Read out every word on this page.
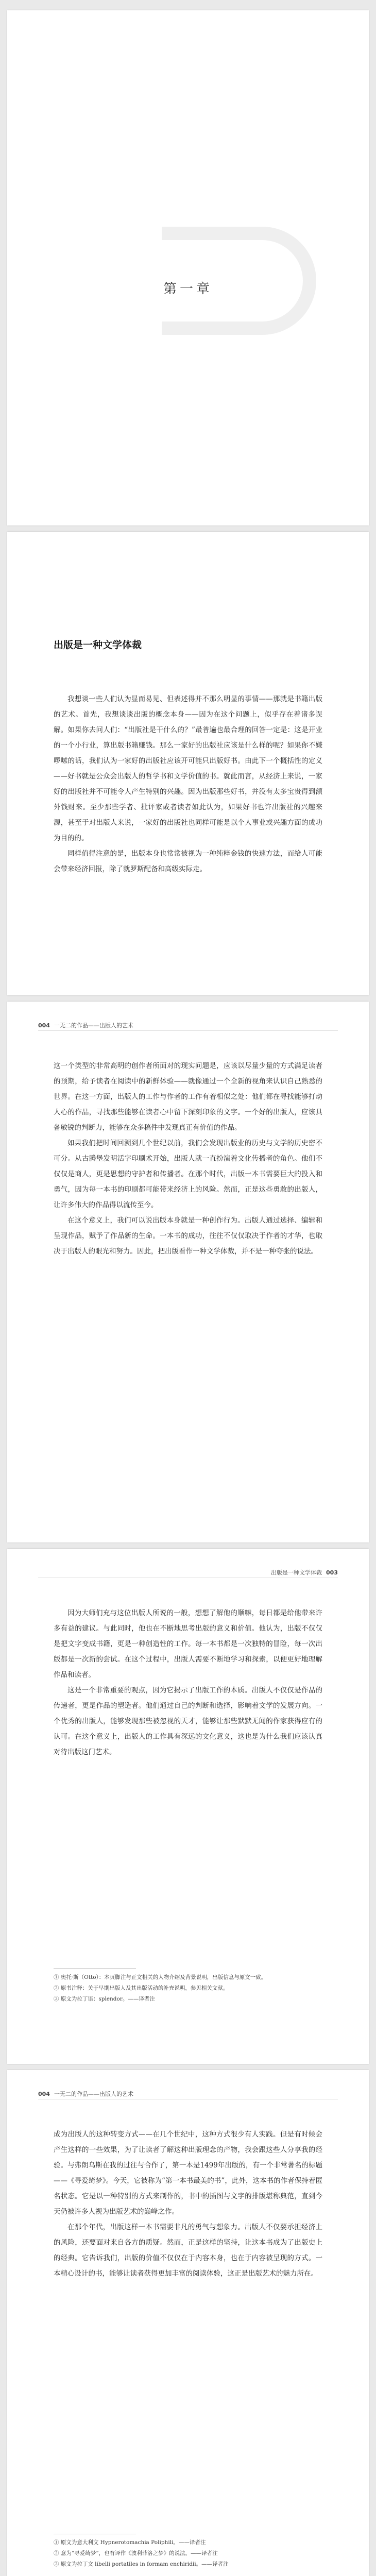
第一章
出版是一种文学体裁

我想谈一些人们认为显而易见、但表述得并不那么明显的事情——那就是书籍出版的艺术。首先，我想谈谈出版的概念本身——因为在这个问题上，似乎存在着诸多误解。如果你去问人们：“出版社是干什么的？”最普遍也最合理的回答一定是：这是开业的一个小行业，算出版书籍赚钱。那么一家好的出版社应该是什么样的呢？如果你不嫌啰嗦的话，我们认为一家好的出版社应该开可能只出版好书。由此下一个概括性的定义——好书就是公众会出版人的哲学书和文学价值的书。就此而言，从经济上来说，一家好的出版社并不可能令人产生特别的兴趣。因为出版那些好书，并没有太多宝贵得到额外钱财来。至少那些学者、批评家或者读者如此认为，如果好书也许出版社的兴趣来源，甚至于对出版人来说，一家好的出版社也同样可能是以个人事业或兴趣方面的成功为目的的。

同样值得注意的是，出版本身也常常被视为一种纯粹金钱的快速方法，而给人可能会带来经济回报，除了就罗斯配备和高级实际走。

004 一无二的作品——出版人的艺术

这一个类型的非常高明的创作者所面对的现实问题是，应该以尽量少量的方式满足读者的预期，给予读者在阅读中的新鲜体验——就像通过一个全新的视角来认识自己熟悉的世界。在这一方面，出版人的工作与作者的工作有着相似之处：他们都在寻找能够打动人心的作品，寻找那些能够在读者心中留下深刻印象的文字。一个好的出版人，应该具备敏锐的判断力，能够在众多稿件中发现真正有价值的作品。

如果我们把时间回溯到几个世纪以前，我们会发现出版业的历史与文学的历史密不可分。从古腾堡发明活字印刷术开始，出版人就一直扮演着文化传播者的角色。他们不仅仅是商人，更是思想的守护者和传播者。在那个时代，出版一本书需要巨大的投入和勇气，因为每一本书的印刷都可能带来经济上的风险。然而，正是这些勇敢的出版人，让许多伟大的作品得以流传至今。

在这个意义上，我们可以说出版本身就是一种创作行为。出版人通过选择、编辑和呈现作品，赋予了作品新的生命。一本书的成功，往往不仅仅取决于作者的才华，也取决于出版人的眼光和努力。因此，把出版看作一种文学体裁，并不是一种夸张的说法。

出版是一种文学体裁 003

因为大师们充与这位出版人所说的一般，想想了解他的顺嘛，每日都是给他带来许多有益的建议。与此同时，他也在不断地思考出版的意义和价值。他认为，出版不仅仅是把文字变成书籍，更是一种创造性的工作。每一本书都是一次独特的冒险，每一次出版都是一次新的尝试。在这个过程中，出版人需要不断地学习和探索，以便更好地理解作品和读者。

这是一个非常重要的观点，因为它揭示了出版工作的本质。出版人不仅仅是作品的传递者，更是作品的塑造者。他们通过自己的判断和选择，影响着文学的发展方向。一个优秀的出版人，能够发现那些被忽视的天才，能够让那些默默无闻的作家获得应有的认可。在这个意义上，出版人的工作具有深远的文化意义，这也是为什么我们应该认真对待出版这门艺术。

① 奥托·斯（Otto）：本页脚注与正文相关的人物介绍及背景说明，出版信息与原文一致。

② 原书注释：关于早期出版人及其出版活动的补充说明，参见相关文献。

③ 原文为拉丁语：splendor。——译者注

004 一无二的作品——出版人的艺术

成为出版人的这种转变方式——在几个世纪中，这种方式很少有人实践。但是有时候会产生这样的一些效果，为了让读者了解这种出版理念的产物，我会跟这些人分享我的经验。与弗朗乌斯在我的过往与合作了，第一本是1499年出版的，有一个非常著名的标题——《寻爱绮梦》。今天，它被称为“第一本书最美的书”，此外，这本书的作者保持着匿名状态。它是以一种特别的方式来制作的，书中的插图与文字的排版堪称典范，直到今天仍被许多人视为出版艺术的巅峰之作。

在那个年代，出版这样一本书需要非凡的勇气与想象力。出版人不仅要承担经济上的风险，还要面对来自各方的质疑。然而，正是这样的坚持，让这本书成为了出版史上的经典。它告诉我们，出版的价值不仅仅在于内容本身，也在于内容被呈现的方式。一本精心设计的书，能够让读者获得更加丰富的阅读体验，这正是出版艺术的魅力所在。

① 原文为意大利文 Hypnerotomachia Poliphili。——译者注

② 意为“寻爱绮梦”，也有译作《波利菲洛之梦》的说法。——译者注

③ 原文为拉丁文 libelli portatiles in formam enchiridii。——译者注
